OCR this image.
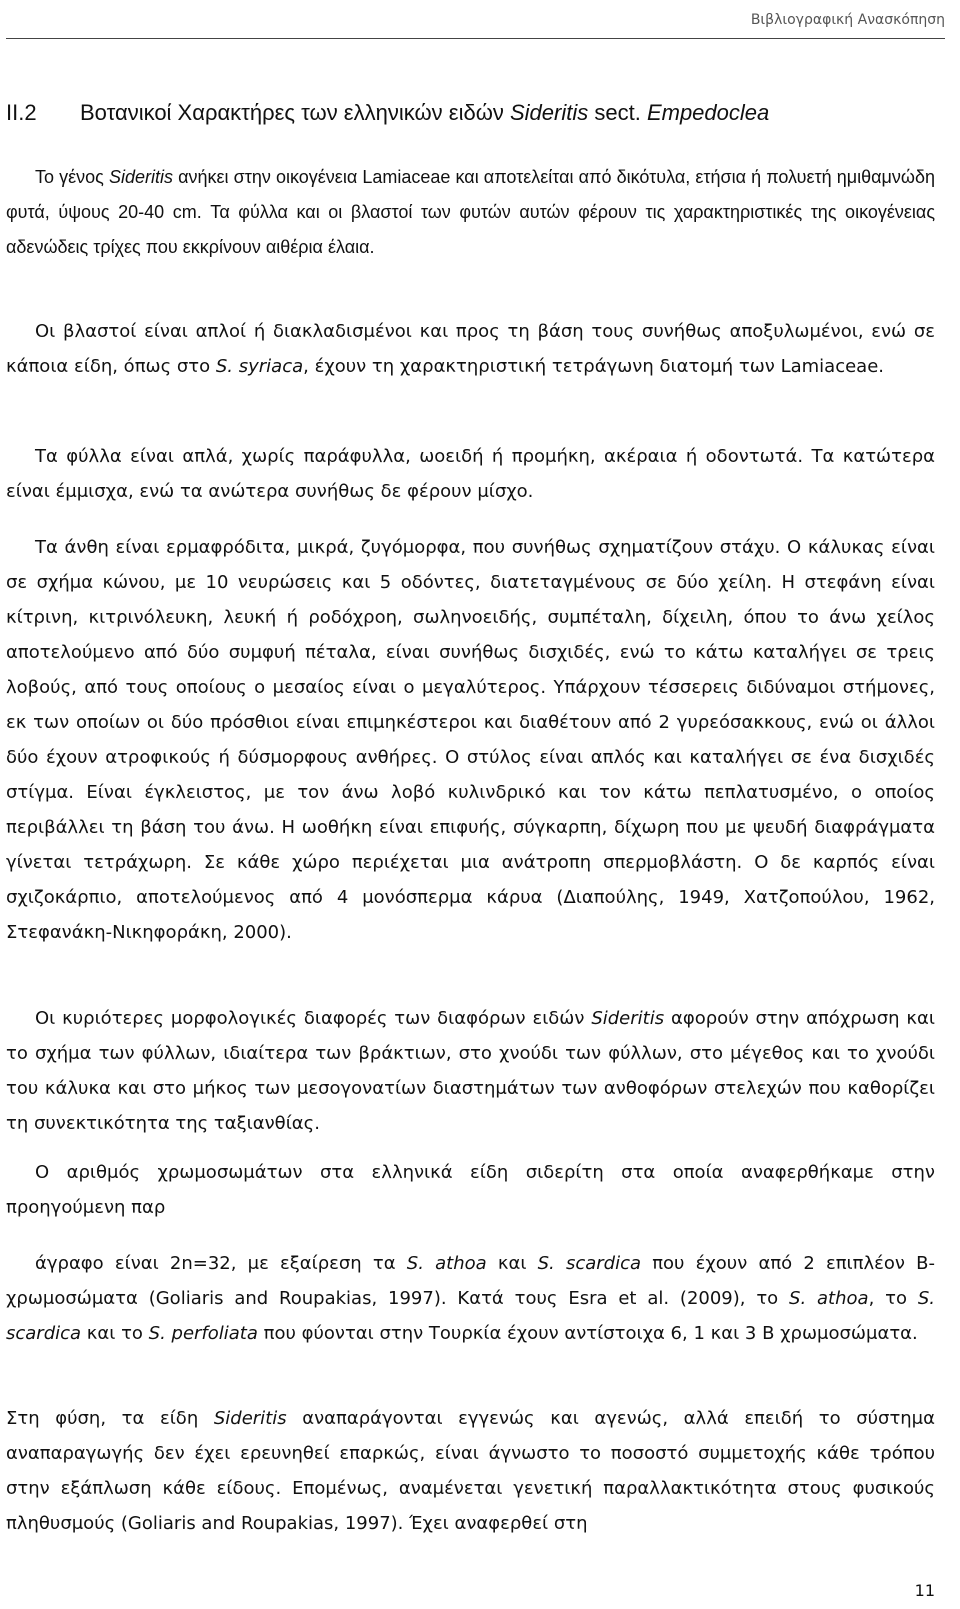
Βιβλιογραφική Ανασκόπηση
ΙΙ.2 Βοτανικοί Χαρακτήρες των ελληνικών ειδών Sideritis sect. Empedoclea

Το γένος Sideritis ανήκει στην οικογένεια Lamiaceae και αποτελείται από δικότυλα, ετήσια ή πολυετή ημιθαμνώδη φυτά, ύψους 20-40 cm. Τα φύλλα και οι βλαστοί των φυτών αυτών φέρουν τις χαρακτηριστικές της οικογένειας αδενώδεις τρίχες που εκκρίνουν αιθέρια έλαια.

Οι βλαστοί είναι απλοί ή διακλαδισμένοι και προς τη βάση τους συνήθως αποξυλωμένοι, ενώ σε κάποια είδη, όπως στο S. syriaca, έχουν τη χαρακτηριστική τετράγωνη διατομή των Lamiaceae.

Τα φύλλα είναι απλά, χωρίς παράφυλλα, ωοειδή ή προμήκη, ακέραια ή οδοντωτά. Τα κατώτερα είναι έμμισχα, ενώ τα ανώτερα συνήθως δε φέρουν μίσχο.

Τα άνθη είναι ερμαφρόδιτα, μικρά, ζυγόμορφα, που συνήθως σχηματίζουν στάχυ. Ο κάλυκας είναι σε σχήμα κώνου, με 10 νευρώσεις και 5 οδόντες, διατεταγμένους σε δύο χείλη. Η στεφάνη είναι κίτρινη, κιτρινόλευκη, λευκή ή ροδόχροη, σωληνοειδής, συμπέταλη, δίχειλη, όπου το άνω χείλος αποτελούμενο από δύο συμφυή πέταλα, είναι συνήθως δισχιδές, ενώ το κάτω καταλήγει σε τρεις λοβούς, από τους οποίους ο μεσαίος είναι ο μεγαλύτερος. Υπάρχουν τέσσερεις διδύναμοι στήμονες, εκ των οποίων οι δύο πρόσθιοι είναι επιμηκέστεροι και διαθέτουν από 2 γυρεόσακκους, ενώ οι άλλοι δύο έχουν ατροφικούς ή δύσμορφους ανθήρες. Ο στύλος είναι απλός και καταλήγει σε ένα δισχιδές στίγμα. Είναι έγκλειστος, με τον άνω λοβό κυλινδρικό και τον κάτω πεπλατυσμένο, ο οποίος περιβάλλει τη βάση του άνω. Η ωοθήκη είναι επιφυής, σύγκαρπη, δίχωρη που με ψευδή διαφράγματα γίνεται τετράχωρη. Σε κάθε χώρο περιέχεται μια ανάτροπη σπερμοβλάστη. Ο δε καρπός είναι σχιζοκάρπιο, αποτελούμενος από 4 μονόσπερμα κάρυα (Διαπούλης, 1949, Χατζοπούλου, 1962, Στεφανάκη-Νικηφοράκη, 2000).

Οι κυριότερες μορφολογικές διαφορές των διαφόρων ειδών Sideritis αφορούν στην απόχρωση και το σχήμα των φύλλων, ιδιαίτερα των βράκτιων, στο χνούδι των φύλλων, στο μέγεθος και το χνούδι του κάλυκα και στο μήκος των μεσογονατίων διαστημάτων των ανθοφόρων στελεχών που καθορίζει τη συνεκτικότητα της ταξιανθίας.

Ο αριθμός χρωμοσωμάτων στα ελληνικά είδη σιδερίτη στα οποία αναφερθήκαμε στην προηγούμενη παρ

άγραφο είναι 2n=32, με εξαίρεση τα S. athoa και S. scardica που έχουν από 2 επιπλέον B-χρωμοσώματα (Goliaris and Roupakias, 1997). Κατά τους Esra et al. (2009), το S. athoa, το S. scardica και το S. perfoliata που φύονται στην Τουρκία έχουν αντίστοιχα 6, 1 και 3 B χρωμοσώματα.

Στη φύση, τα είδη Sideritis αναπαράγονται εγγενώς και αγενώς, αλλά επειδή το σύστημα αναπαραγωγής δεν έχει ερευνηθεί επαρκώς, είναι άγνωστο το ποσοστό συμμετοχής κάθε τρόπου στην εξάπλωση κάθε είδους. Επομένως, αναμένεται γενετική παραλλακτικότητα στους φυσικούς πληθυσμούς (Goliaris and Roupakias, 1997). Έχει αναφερθεί στη

11
